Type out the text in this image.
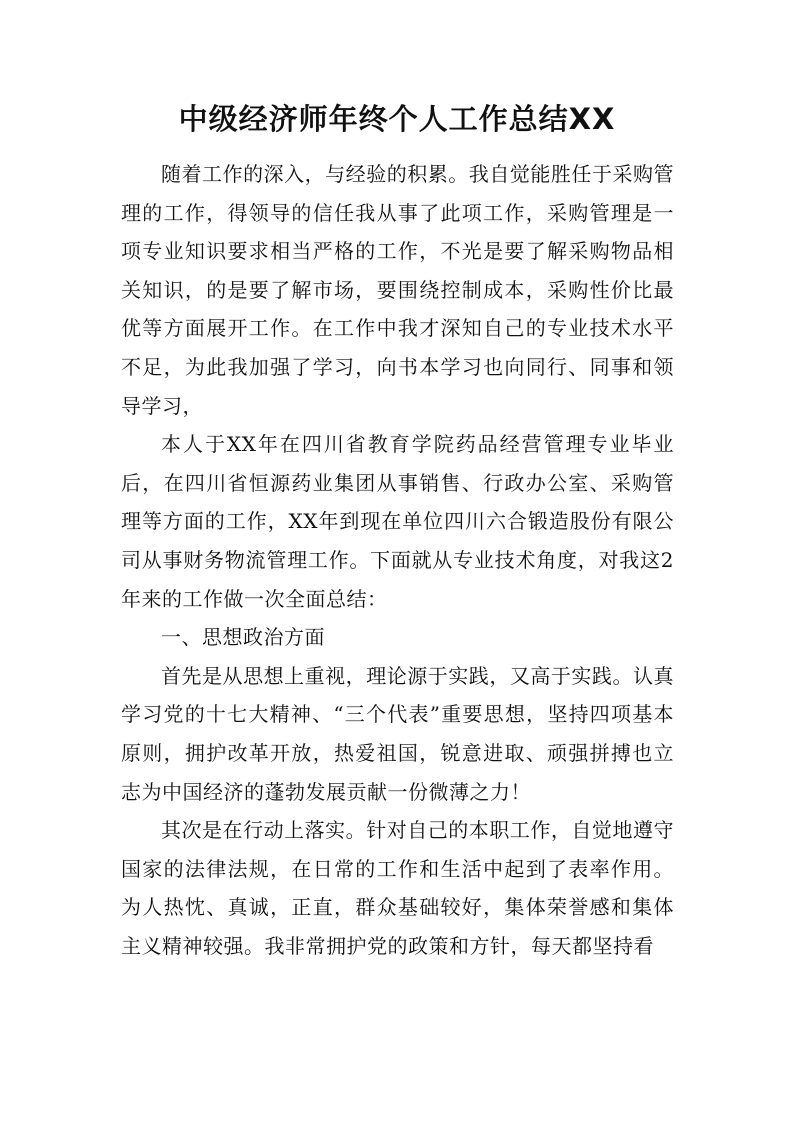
中级经济师年终个人工作总结XX

随着工作的深入，与经验的积累。我自觉能胜任于采购管理的工作，得领导的信任我从事了此项工作，采购管理是一项专业知识要求相当严格的工作，不光是要了解采购物品相关知识，的是要了解市场，要围绕控制成本，采购性价比最优等方面展开工作。在工作中我才深知自己的专业技术水平不足，为此我加强了学习，向书本学习也向同行、同事和领导学习，

本人于XX年在四川省教育学院药品经营管理专业毕业后，在四川省恒源药业集团从事销售、行政办公室、采购管理等方面的工作，XX年到现在单位四川六合锻造股份有限公司从事财务物流管理工作。下面就从专业技术角度，对我这2年来的工作做一次全面总结：

一、思想政治方面

首先是从思想上重视，理论源于实践，又高于实践。认真学习党的十七大精神、“三个代表”重要思想，坚持四项基本原则，拥护改革开放，热爱祖国，锐意进取、顽强拼搏也立志为中国经济的蓬勃发展贡献一份微薄之力！

其次是在行动上落实。针对自己的本职工作，自觉地遵守国家的法律法规，在日常的工作和生活中起到了表率作用。为人热忱、真诚，正直，群众基础较好，集体荣誉感和集体主义精神较强。我非常拥护党的政策和方针，每天都坚持看
